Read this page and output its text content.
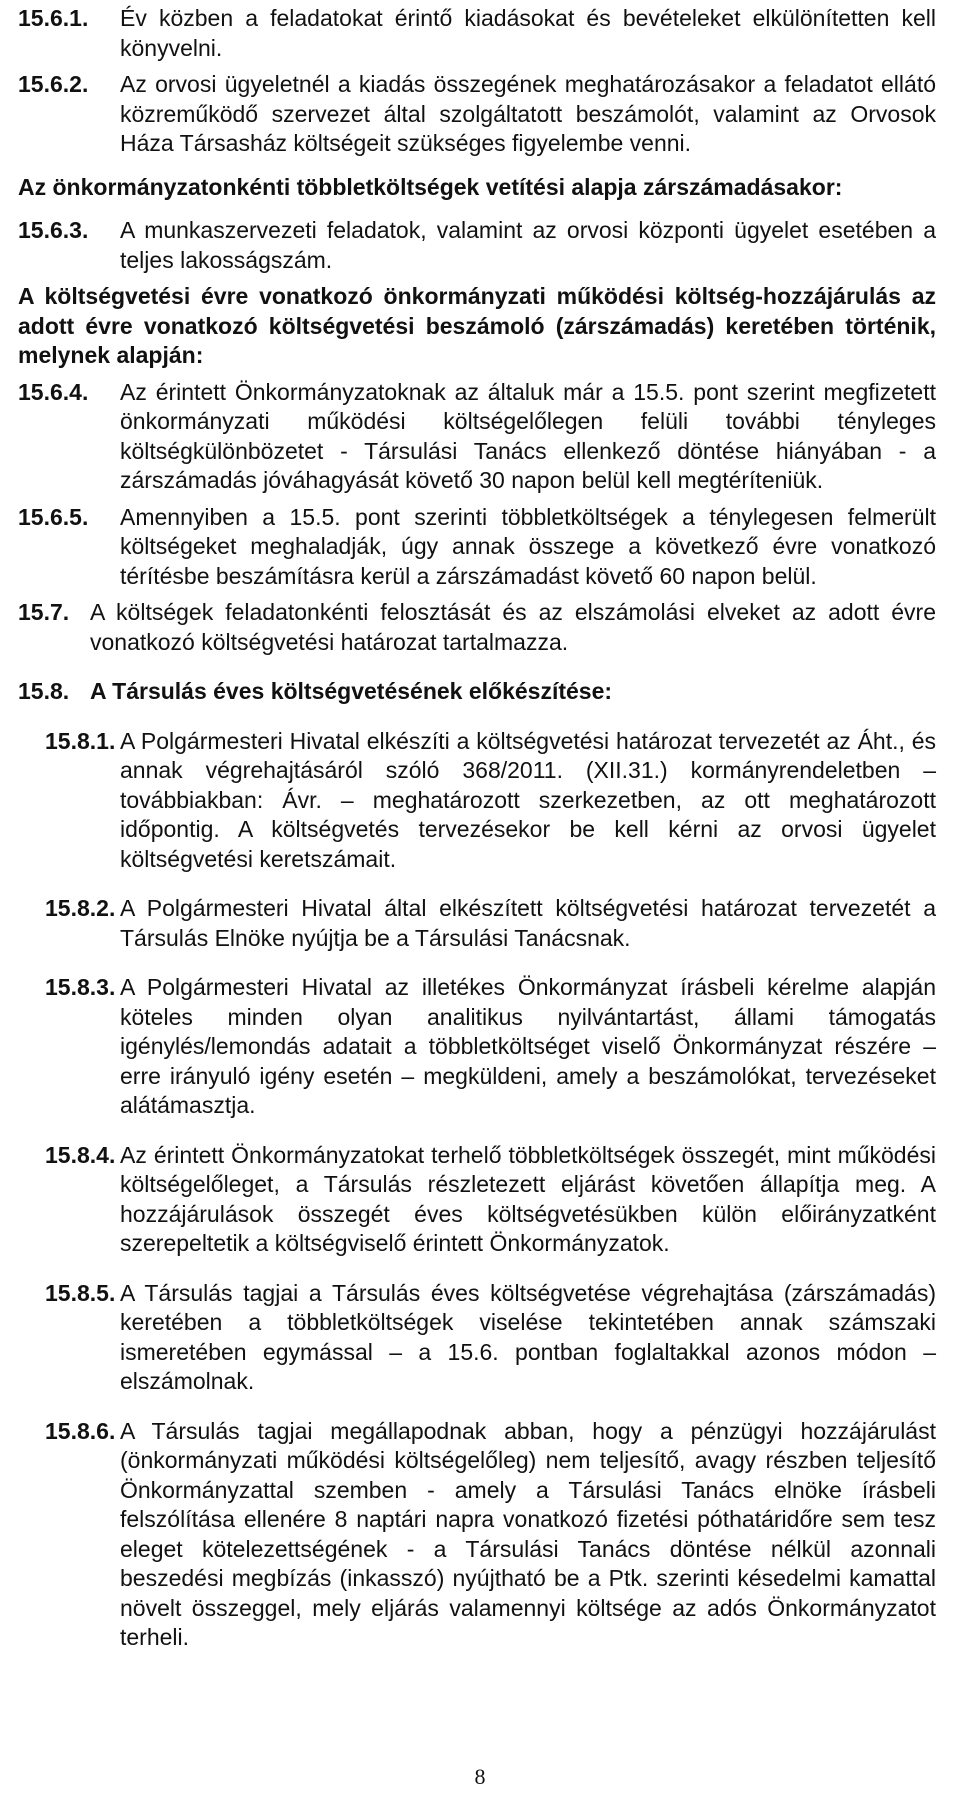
15.6.1.	Év közben a feladatokat érintő kiadásokat és bevételeket elkülönítetten kell könyvelni.
15.6.2.	Az orvosi ügyeletnél a kiadás összegének meghatározásakor a feladatot ellátó közreműködő szervezet által szolgáltatott beszámolót, valamint az Orvosok Háza Társasház költségeit szükséges figyelembe venni.
Az önkormányzatonkénti többletköltségek vetítési alapja zárszámadásakor:
15.6.3.	A munkaszervezeti feladatok, valamint az orvosi központi ügyelet esetében a teljes lakosságszám.
A költségvetési évre vonatkozó önkormányzati működési költség-hozzájárulás az adott évre vonatkozó költségvetési beszámoló (zárszámadás) keretében történik, melynek alapján:
15.6.4.	Az érintett Önkormányzatoknak az általuk már a 15.5. pont szerint megfizetett önkormányzati működési költségelőlegen felüli további tényleges költségkülönbözetet - Társulási Tanács ellenkező döntése hiányában - a zárszámadás jóváhagyását követő 30 napon belül kell megtéríteniük.
15.6.5.	Amennyiben a 15.5. pont szerinti többletköltségek a ténylegesen felmerült költségeket meghaladják, úgy annak összege a következő évre vonatkozó térítésbe beszámításra kerül a zárszámadást követő 60 napon belül.
15.7. A költségek feladatonkénti felosztását és az elszámolási elveket az adott évre vonatkozó költségvetési határozat tartalmazza.
15.8. A Társulás éves költségvetésének előkészítése:
15.8.1. A Polgármesteri Hivatal elkészíti a költségvetési határozat tervezetét az Áht., és annak végrehajtásáról szóló 368/2011. (XII.31.) kormányrendeletben – továbbiakban: Ávr. – meghatározott szerkezetben, az ott meghatározott időpontig. A költségvetés tervezésekor be kell kérni az orvosi ügyelet költségvetési keretszámait.
15.8.2. A Polgármesteri Hivatal által elkészített költségvetési határozat tervezetét a Társulás Elnöke nyújtja be a Társulási Tanácsnak.
15.8.3. A Polgármesteri Hivatal az illetékes Önkormányzat írásbeli kérelme alapján köteles minden olyan analitikus nyilvántartást, állami támogatás igénylés/lemondás adatait a többletköltséget viselő Önkormányzat részére – erre irányuló igény esetén – megküldeni, amely a beszámolókat, tervezéseket alátámasztja.
15.8.4. Az érintett Önkormányzatokat terhelő többletköltségek összegét, mint működési költségelőleget, a Társulás részletezett eljárást követően állapítja meg. A hozzájárulások összegét éves költségvetésükben külön előirányzatként szerepeltetik a költségviselő érintett Önkormányzatok.
15.8.5. A Társulás tagjai a Társulás éves költségvetése végrehajtása (zárszámadás) keretében a többletköltségek viselése tekintetében annak számszaki ismeretében egymással – a 15.6. pontban foglaltakkal azonos módon – elszámolnak.
15.8.6. A Társulás tagjai megállapodnak abban, hogy a pénzügyi hozzájárulást (önkormányzati működési költségelőleg) nem teljesítő, avagy részben teljesítő Önkormányzattal szemben - amely a Társulási Tanács elnöke írásbeli felszólítása ellenére 8 naptári napra vonatkozó fizetési póthatáridőre sem tesz eleget kötelezettségének - a Társulási Tanács döntése nélkül azonnali beszedési megbízás (inkasszó) nyújtható be a Ptk. szerinti késedelmi kamattal növelt összeggel, mely eljárás valamennyi költsége az adós Önkormányzatot terheli.
8
